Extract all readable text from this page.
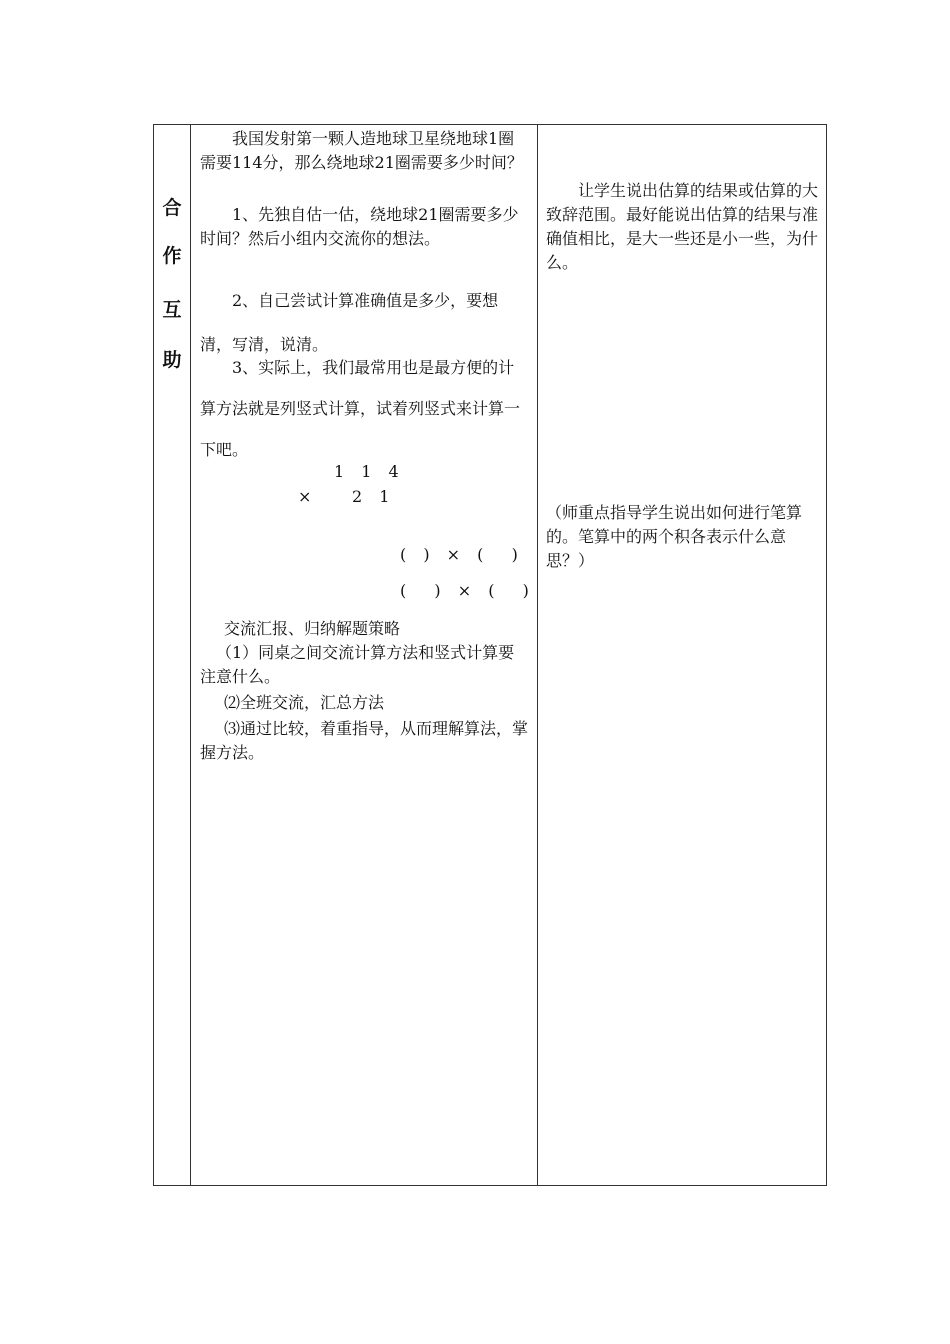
合
作
互
助

我国发射第一颗人造地球卫星绕地球1圈需要114分，那么绕地球21圈需要多少时间？

1、先独自估一估，绕地球21圈需要多少时间？然后小组内交流你的想法。

2、自己尝试计算准确值是多少，要想清，写清，说清。

3、实际上，我们最常用也是最方便的计算方法就是列竖式计算，试着列竖式来计算一下吧。

1 1 4
× 2 1
( ) × (  )
(  ) × (  )

交流汇报、归纳解题策略

（1）同桌之间交流计算方法和竖式计算要注意什么。

⑵全班交流，汇总方法

⑶通过比较，着重指导，从而理解算法，掌握方法。

让学生说出估算的结果或估算的大致辞范围。最好能说出估算的结果与准确值相比，是大一些还是小一些，为什么。

（师重点指导学生说出如何进行笔算的。笔算中的两个积各表示什么意思？）
